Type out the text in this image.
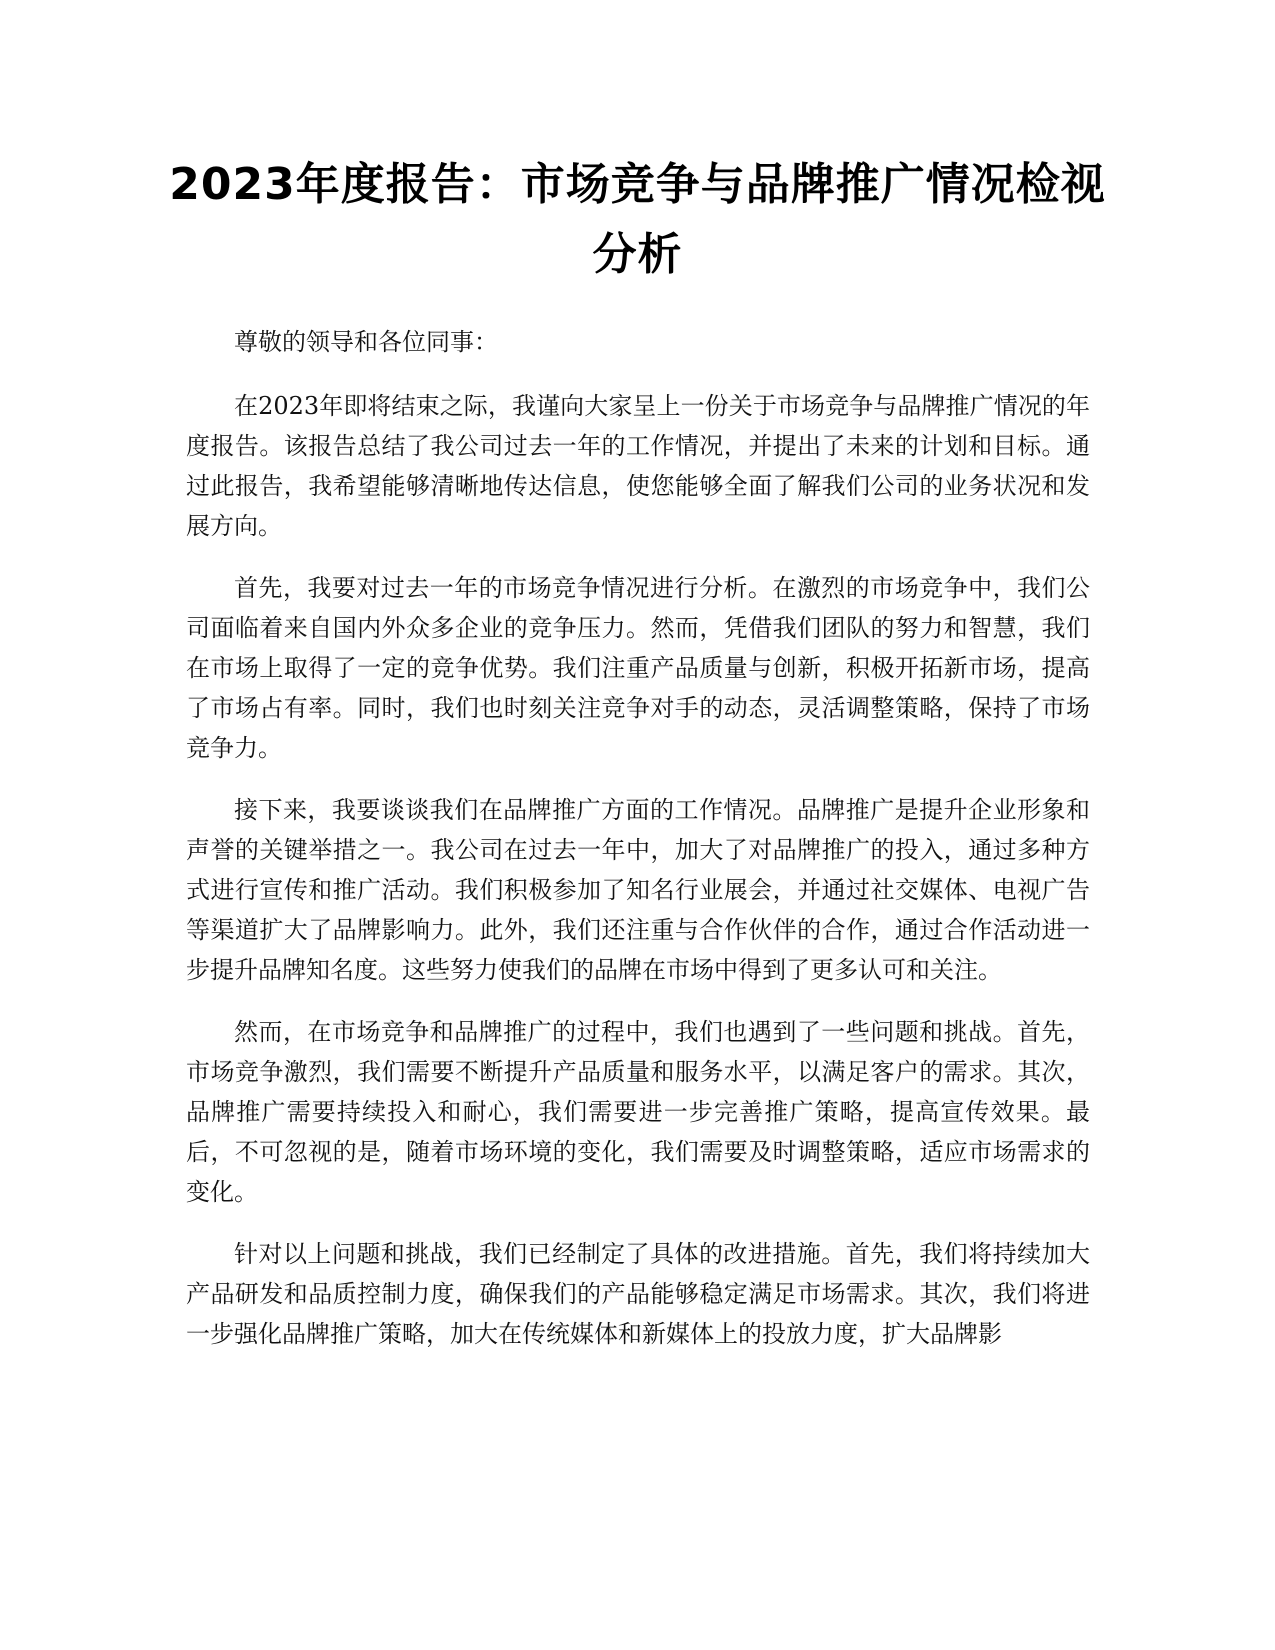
2023年度报告：市场竞争与品牌推广情况检视分析

尊敬的领导和各位同事：

在2023年即将结束之际，我谨向大家呈上一份关于市场竞争与品牌推广情况的年度报告。该报告总结了我公司过去一年的工作情况，并提出了未来的计划和目标。通过此报告，我希望能够清晰地传达信息，使您能够全面了解我们公司的业务状况和发展方向。

首先，我要对过去一年的市场竞争情况进行分析。在激烈的市场竞争中，我们公司面临着来自国内外众多企业的竞争压力。然而，凭借我们团队的努力和智慧，我们在市场上取得了一定的竞争优势。我们注重产品质量与创新，积极开拓新市场，提高了市场占有率。同时，我们也时刻关注竞争对手的动态，灵活调整策略，保持了市场竞争力。

接下来，我要谈谈我们在品牌推广方面的工作情况。品牌推广是提升企业形象和声誉的关键举措之一。我公司在过去一年中，加大了对品牌推广的投入，通过多种方式进行宣传和推广活动。我们积极参加了知名行业展会，并通过社交媒体、电视广告等渠道扩大了品牌影响力。此外，我们还注重与合作伙伴的合作，通过合作活动进一步提升品牌知名度。这些努力使我们的品牌在市场中得到了更多认可和关注。

然而，在市场竞争和品牌推广的过程中，我们也遇到了一些问题和挑战。首先，市场竞争激烈，我们需要不断提升产品质量和服务水平，以满足客户的需求。其次，品牌推广需要持续投入和耐心，我们需要进一步完善推广策略，提高宣传效果。最后，不可忽视的是，随着市场环境的变化，我们需要及时调整策略，适应市场需求的变化。

针对以上问题和挑战，我们已经制定了具体的改进措施。首先，我们将持续加大产品研发和品质控制力度，确保我们的产品能够稳定满足市场需求。其次，我们将进一步强化品牌推广策略，加大在传统媒体和新媒体上的投放力度，扩大品牌影
